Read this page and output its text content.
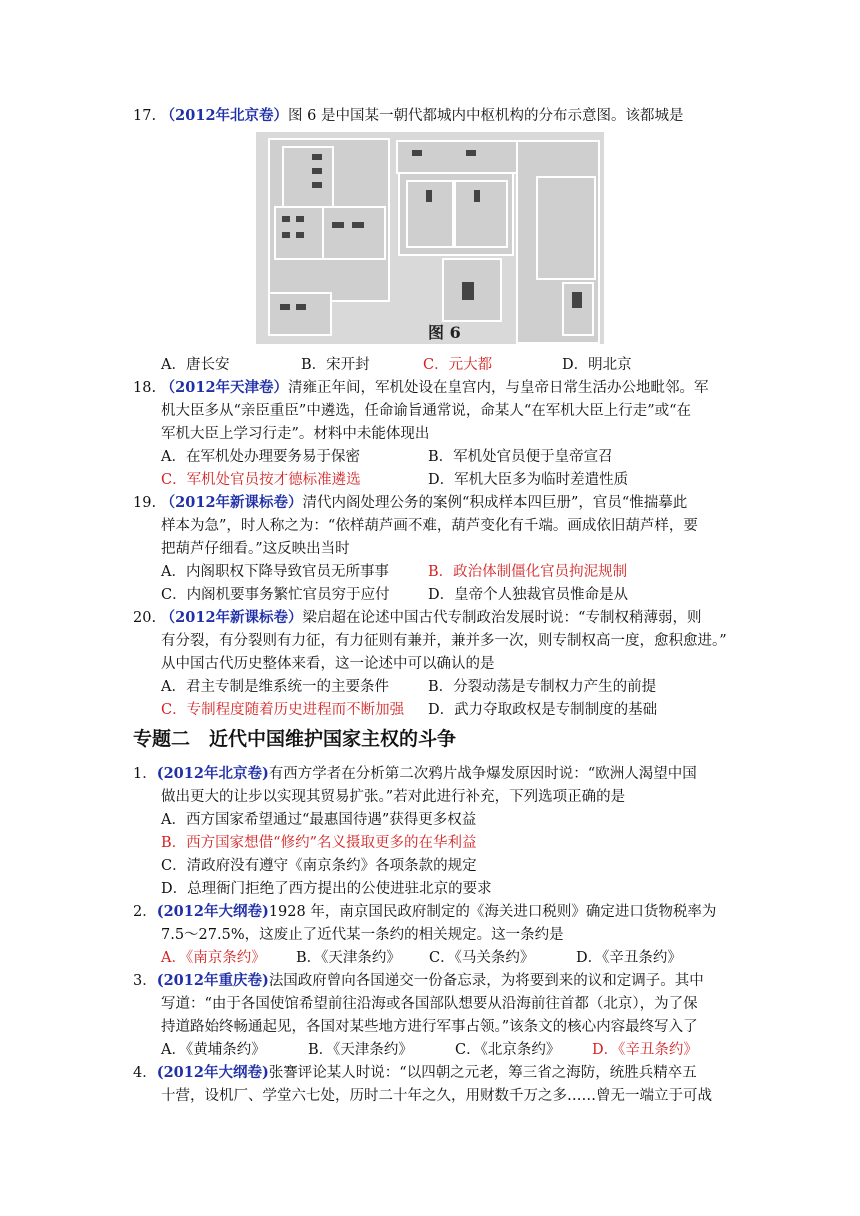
17. （2012年北京卷）图 6 是中国某一朝代都城内中枢机构的分布示意图。该都城是
图 6
A．唐长安	B．宋开封	C．元大都	D．明北京
18. （2012年天津卷）清雍正年间，军机处设在皇宫内，与皇帝日常生活办公地毗邻。军
机大臣多从“亲臣重臣”中遴选，任命谕旨通常说，命某人“在军机大臣上行走”或“在
军机大臣上学习行走”。材料中未能体现出
A．在军机处办理要务易于保密	B．军机处官员便于皇帝宣召
C．军机处官员按才德标准遴选	D．军机大臣多为临时差遣性质
19. （2012年新课标卷）清代内阁处理公务的案例“积成样本四巨册”，官员“惟揣摹此
样本为急”，时人称之为：“依样葫芦画不难，葫芦变化有千端。画成依旧葫芦样，要
把葫芦仔细看。”这反映出当时
A．内阁职权下降导致官员无所事事	B．政治体制僵化官员拘泥规制
C．内阁机要事务繁忙官员穷于应付	D．皇帝个人独裁官员惟命是从
20. （2012年新课标卷）梁启超在论述中国古代专制政治发展时说：“专制权稍薄弱，则
有分裂，有分裂则有力征，有力征则有兼并，兼并多一次，则专制权高一度，愈积愈进。”
从中国古代历史整体来看，这一论述中可以确认的是
A．君主专制是维系统一的主要条件	B．分裂动荡是专制权力产生的前提
C．专制程度随着历史进程而不断加强 D．武力夺取政权是专制制度的基础
专题二　近代中国维护国家主权的斗争
1．(2012年北京卷)有西方学者在分析第二次鸦片战争爆发原因时说：“欧洲人渴望中国
做出更大的让步以实现其贸易扩张。”若对此进行补充，下列选项正确的是
A．西方国家希望通过“最惠国待遇”获得更多权益
B．西方国家想借“修约”名义摄取更多的在华利益
C．清政府没有遵守《南京条约》各项条款的规定
D．总理衙门拒绝了西方提出的公使进驻北京的要求
2．(2012年大纲卷)1928 年，南京国民政府制定的《海关进口税则》确定进口货物税率为
7.5～27.5%，这废止了近代某一条约的相关规定。这一条约是
A．《南京条约》 B．《天津条约》 C．《马关条约》	D．《辛丑条约》
3．(2012年重庆卷)法国政府曾向各国递交一份备忘录，为将要到来的议和定调子。其中
写道：“由于各国使馆希望前往沿海或各国部队想要从沿海前往首都（北京），为了保
持道路始终畅通起见，各国对某些地方进行军事占领。”该条文的核心内容最终写入了
A．《黄埔条约》	B．《天津条约》	C．《北京条约》 D．《辛丑条约》
4．(2012年大纲卷)张謇评论某人时说：“以四朝之元老，筹三省之海防，统胜兵精卒五
十营，设机厂、学堂六七处，历时二十年之久，用财数千万之多……曾无一端立于可战
